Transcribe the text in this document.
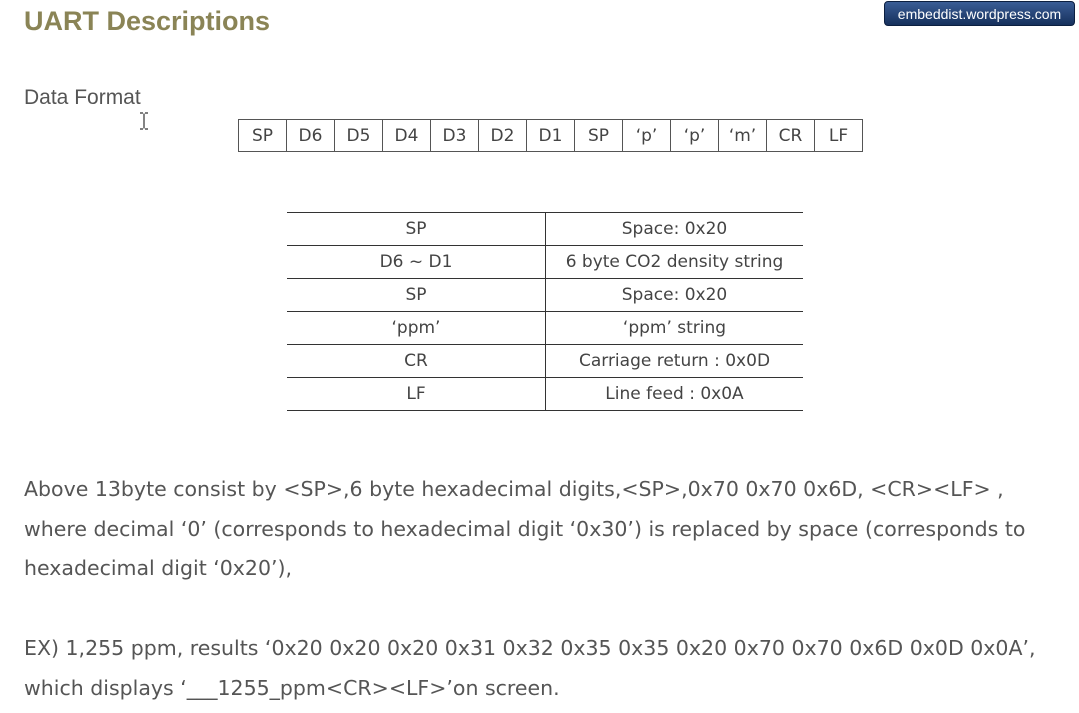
UART Descriptions	embeddist.wordpress.com
Data Format
SP	D6	D5	D4	D3	D2	D1	SP	‘p’	‘p’	‘m’	CR	LF
SP	Space: 0x20
D6 ~ D1	6 byte CO2 density string
SP	Space: 0x20
‘ppm’	‘ppm’ string
CR	Carriage return : 0x0D
LF	Line feed : 0x0A

Above 13byte consist by <SP>,6 byte hexadecimal digits,<SP>,0x70 0x70 0x6D, <CR><LF> , where decimal ‘0’ (corresponds to hexadecimal digit ‘0x30’) is replaced by space (corresponds to hexadecimal digit ‘0x20’),

EX) 1,255 ppm, results ‘0x20 0x20 0x20 0x31 0x32 0x35 0x35 0x20 0x70 0x70 0x6D 0x0D 0x0A’, which displays ‘___1255_ppm<CR><LF>’on screen.
